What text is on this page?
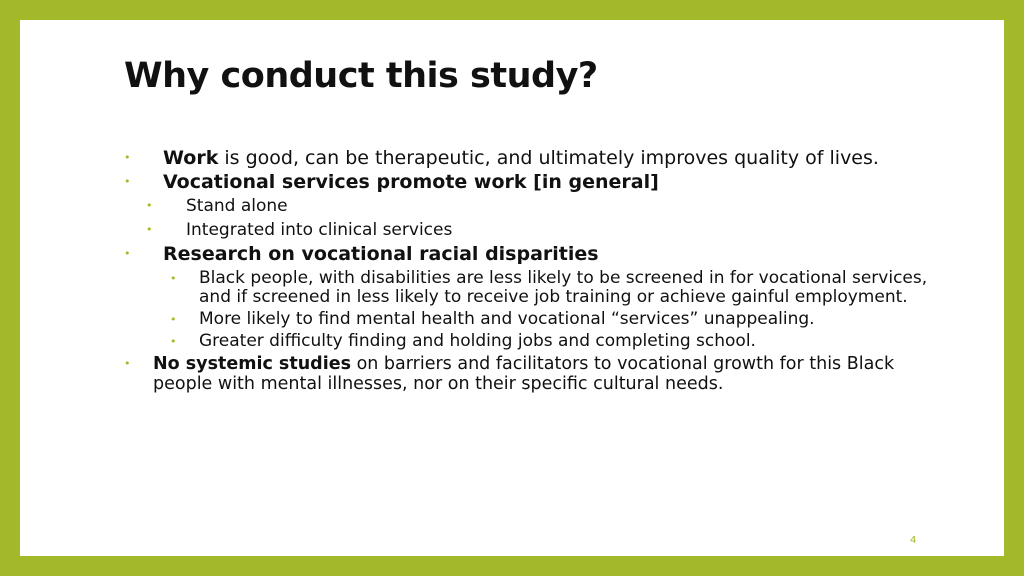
Why conduct this study?
• Work is good, can be therapeutic, and ultimately improves quality of lives.
• Vocational services promote work [in general]
• Stand alone
• Integrated into clinical services
• Research on vocational racial disparities
• Black people, with disabilities are less likely to be screened in for vocational services, and if screened in less likely to receive job training or achieve gainful employment.
• More likely to find mental health and vocational “services” unappealing.
• Greater difficulty finding and holding jobs and completing school.
• No systemic studies on barriers and facilitators to vocational growth for this Black people with mental illnesses, nor on their specific cultural needs.
4
